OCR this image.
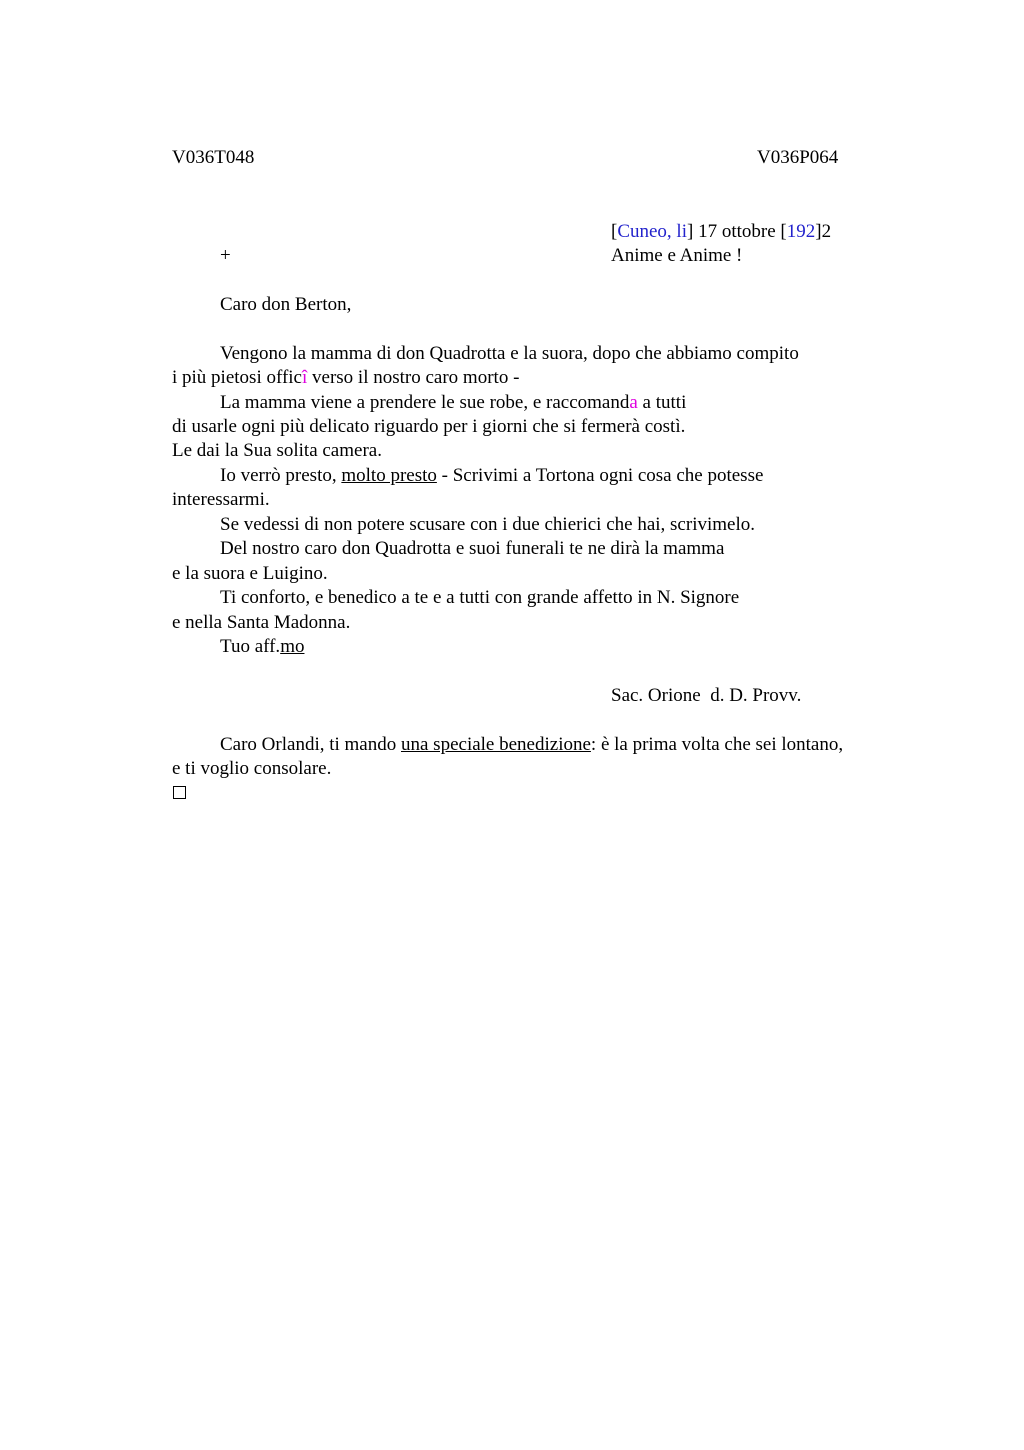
V036T048	V036P064
[Cuneo, li] 17 ottobre [192]2
+	Anime e Anime !
Caro don Berton,
Vengono la mamma di don Quadrotta e la suora, dopo che abbiamo compito
i più pietosi officî verso il nostro caro morto -
La mamma viene a prendere le sue robe, e raccomanda a tutti
di usarle ogni più delicato riguardo per i giorni che si fermerà costì.
Le dai la Sua solita camera.
Io verrò presto, molto presto - Scrivimi a Tortona ogni cosa che potesse
interessarmi.
Se vedessi di non potere scusare con i due chierici che hai, scrivimelo.
Del nostro caro don Quadrotta e suoi funerali te ne dirà la mamma
e la suora e Luigino.
Ti conforto, e benedico a te e a tutti con grande affetto in N. Signore
e nella Santa Madonna.
Tuo aff.mo
Sac. Orione  d. D. Provv.
Caro Orlandi, ti mando una speciale benedizione: è la prima volta che sei lontano,
e ti voglio consolare.
